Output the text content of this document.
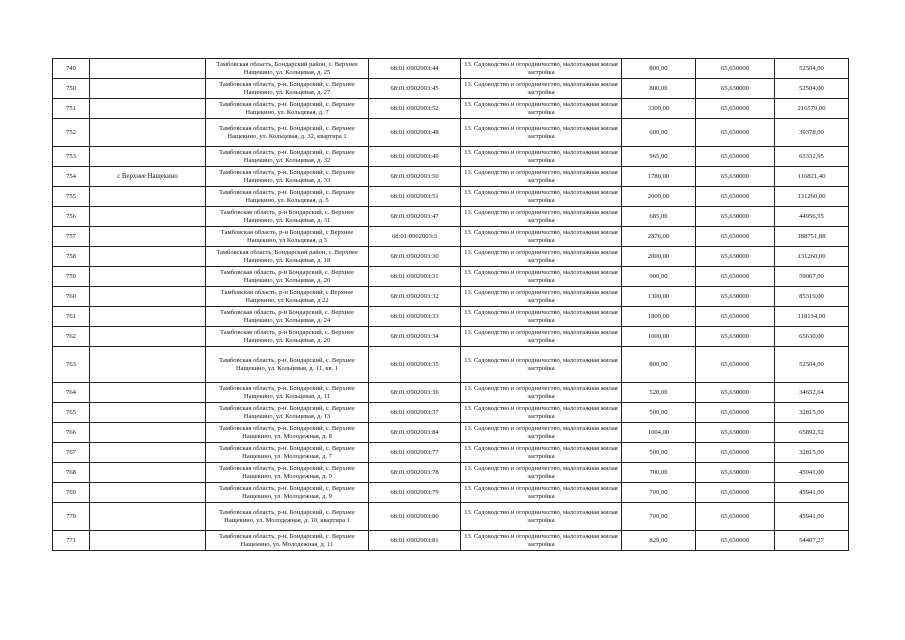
749		Тамбовская область, Бондарский район, с. Верхнее Нащекино, ул. Кольцевая, д. 25	68:01:0902003:44	13. Садоводство и огородничество, малоэтажная жилая застройка	800,00	65,630000	52504,00
750		Тамбовская область, р-н. Бондарский, с. Верхнее Нащекино, ул. Кольцевая, д. 27	68:01:0902003:45	13. Садоводство и огородничество, малоэтажная жилая застройка	800,00	65,630000	52504,00
751		Тамбовская область, р-н. Бондарский, с. Верхнее Нащекино, ул. Кольцевая, д. 7	68:01:0902003:52	13. Садоводство и огородничество, малоэтажная жилая застройка	3300,00	65,630000	216579,00
752		Тамбовская область, р-н. Бондарский, с. Верхнее Нащекино, ул. Кольцевая, д. 32, квартира 1	68:01:0902003:48	13. Садоводство и огородничество, малоэтажная жилая застройка	600,00	65,630000	39378,00
753		Тамбовская область, р-н. Бондарский, с. Верхнее Нащекино, ул. Кольцевая, д. 32	68:01:0902003:49	13. Садоводство и огородничество, малоэтажная жилая застройка	965,00	65,630000	63332,95
754	с Верхнее Нащекино	Тамбовская область, р-н. Бондарский, с. Верхнее Нащекино, ул. Кольцевая, д. 33	68:01:0902003:50	13. Садоводство и огородничество, малоэтажная жилая застройка	1780,00	65,630000	116821,40
755		Тамбовская область, р-н. Бондарский, с. Верхнее Нащекино, ул. Кольцевая, д. 5	68:01:0902003:51	13. Садоводство и огородничество, малоэтажная жилая застройка	2000,00	65,630000	131260,00
756		Тамбовская область, р-н Бондарский, с. Верхнее Нащекино, ул. Кольцевая, д. 31	68:01:0902003:47	13. Садоводство и огородничество, малоэтажная жилая застройка	685,00	65,630000	44956,55
757		Тамбовская область, р-н Бондарский, с Верхнее Нащекино, ул Кольцевая, д 3	68:01:0902003:3	13. Садоводство и огородничество, малоэтажная жилая застройка	2876,00	65,630000	188751,88
758		Тамбовская область, Бондарский район, с. Верхнее Нащекино, ул. Кольцевая, д. 18	68:01:0902003:30	13. Садоводство и огородничество, малоэтажная жилая застройка	2000,00	65,630000	131260,00
759		Тамбовская область, р-н Бондарский, с. Верхнее Нащекино, ул. Кольцевая, д. 20	68:01:0902003:31	13. Садоводство и огородничество, малоэтажная жилая застройка	900,00	65,630000	59067,00
760		Тамбовская область, р-н Бондарский, с Верхнее Нащекино, ул Кольцевая, д 22	68:01:0902003:32	13. Садоводство и огородничество, малоэтажная жилая застройка	1300,00	65,630000	85319,00
761		Тамбовская область, р-н Бондарский, с. Верхнее Нащекино, ул. Кольцевая, д. 24	68:01:0902003:33	13. Садоводство и огородничество, малоэтажная жилая застройка	1800,00	65,630000	118134,00
762		Тамбовская область, р-н Бондарский, с. Верхнее Нащекино, ул. Кольцевая, д. 26	68:01:0902003:34	13. Садоводство и огородничество, малоэтажная жилая застройка	1000,00	65,630000	65630,00
763		Тамбовская область, р-н. Бондарский, с. Верхнее Нащекино, ул. Кольцевая, д. 11, кв. 1	68:01:0902003:35	13. Садоводство и огородничество, малоэтажная жилая застройка	800,00	65,630000	52504,00
764		Тамбовская область, р-н. Бондарский, с. Верхнее Нащекино, ул. Кольцевая, д. 11	68:01:0902003:36	13. Садоводство и огородничество, малоэтажная жилая застройка	528,00	65,630000	34652,64
765		Тамбовская область, р-н. Бондарский, с. Верхнее Нащекино, ул. Кольцевая, д. 13	68:01:0902003:37	13. Садоводство и огородничество, малоэтажная жилая застройка	500,00	65,630000	32815,00
766		Тамбовская область, р-н. Бондарский, с. Верхнее Нащекино, ул. Молодежная, д. 8	68:01:0902003:84	13. Садоводство и огородничество, малоэтажная жилая застройка	1004,00	65,630000	65892,52
767		Тамбовская область, р-н. Бондарский, с. Верхнее Нащекино, ул. Молодежная, д. 7	68:01:0902003:77	13. Садоводство и огородничество, малоэтажная жилая застройка	500,00	65,630000	32815,00
768		Тамбовская область, р-н. Бондарский, с. Верхнее Нащекино, ул. Молодежная, д. 9	68:01:0902003:78	13. Садоводство и огородничество, малоэтажная жилая застройка	700,00	65,630000	45941,00
769		Тамбовская область, р-н. Бондарский, с. Верхнее Нащекино, ул. Молодежная, д. 9	68:01:0902003:79	13. Садоводство и огородничество, малоэтажная жилая застройка	700,00	65,630000	45941,00
770		Тамбовская область, р-н. Бондарский, с. Верхнее Нащекино, ул. Молодежная, д. 10, квартира 1	68:01:0902003:80	13. Садоводство и огородничество, малоэтажная жилая застройка	700,00	65,630000	45941,00
771		Тамбовская область, р-н. Бондарский, с. Верхнее Нащекино, ул. Молодежная, д. 11	68:01:0902003:81	13. Садоводство и огородничество, малоэтажная жилая застройка	829,00	65,630000	54407,27
